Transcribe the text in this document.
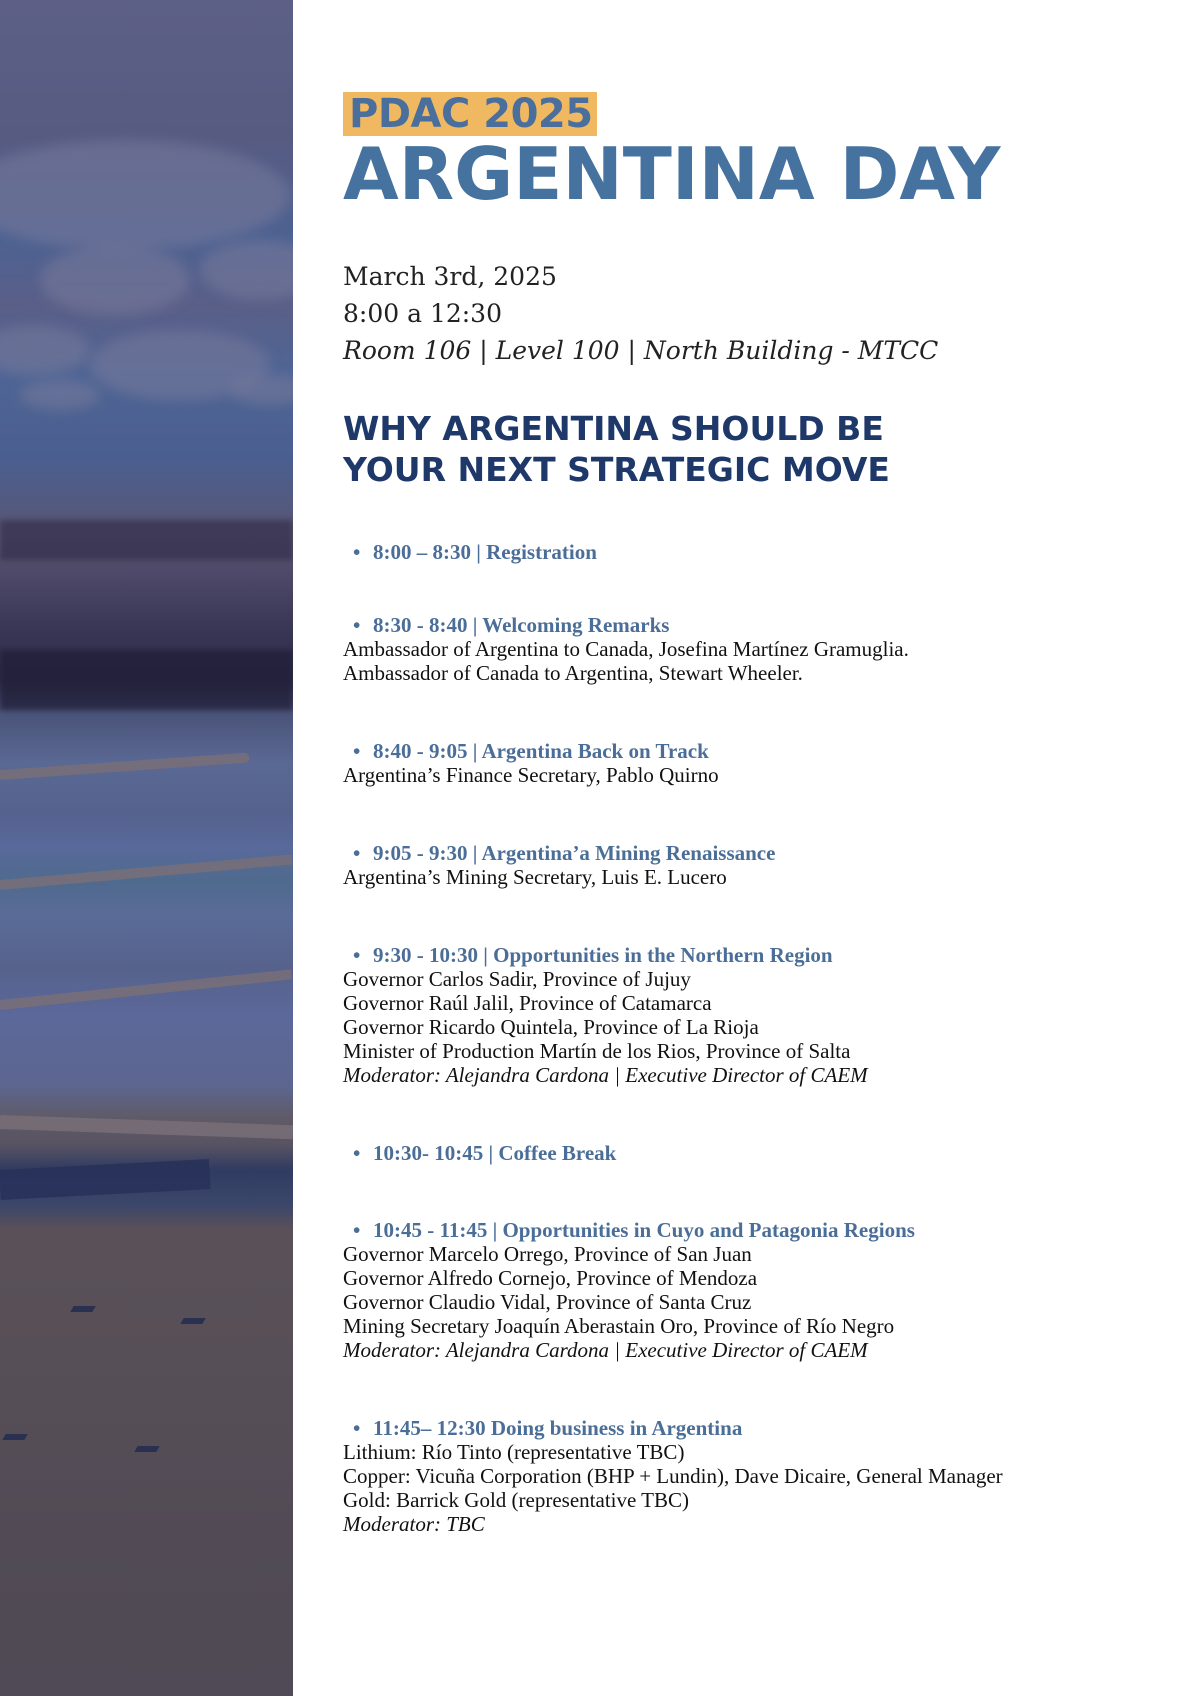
PDAC 2025
ARGENTINA DAY
March 3rd, 2025
8:00 a 12:30
Room 106 | Level 100 | North Building - MTCC
WHY ARGENTINA SHOULD BE
YOUR NEXT STRATEGIC MOVE
• 8:00 – 8:30 | Registration
• 8:30 - 8:40 | Welcoming Remarks
Ambassador of Argentina to Canada, Josefina Martínez Gramuglia.
Ambassador of Canada to Argentina, Stewart Wheeler.
• 8:40 - 9:05 | Argentina Back on Track
Argentina’s Finance Secretary, Pablo Quirno
• 9:05 - 9:30 | Argentina’a Mining Renaissance
Argentina’s Mining Secretary, Luis E. Lucero
• 9:30 - 10:30 | Opportunities in the Northern Region
Governor Carlos Sadir, Province of Jujuy
Governor Raúl Jalil, Province of Catamarca
Governor Ricardo Quintela, Province of La Rioja
Minister of Production Martín de los Rios, Province of Salta
Moderator: Alejandra Cardona | Executive Director of CAEM
• 10:30- 10:45 | Coffee Break
• 10:45 - 11:45 | Opportunities in Cuyo and Patagonia Regions
Governor Marcelo Orrego, Province of San Juan
Governor Alfredo Cornejo, Province of Mendoza
Governor Claudio Vidal, Province of Santa Cruz
Mining Secretary Joaquín Aberastain Oro, Province of Río Negro
Moderator: Alejandra Cardona | Executive Director of CAEM
• 11:45– 12:30 Doing business in Argentina
Lithium: Río Tinto (representative TBC)
Copper: Vicuña Corporation (BHP + Lundin), Dave Dicaire, General Manager
Gold: Barrick Gold (representative TBC)
Moderator: TBC
